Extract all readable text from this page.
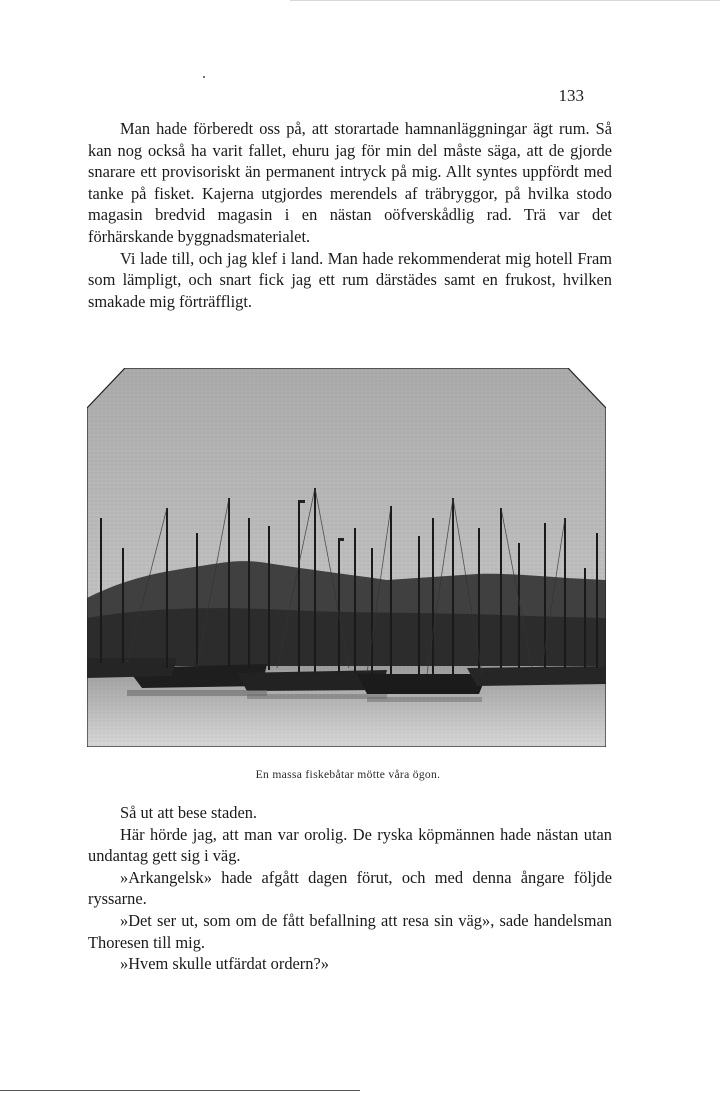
133

Man hade förberedt oss på, att storartade hamnanläggningar ägt rum. Så kan nog också ha varit fallet, ehuru jag för min del måste säga, att de gjorde snarare ett provisoriskt än permanent intryck på mig. Allt syntes uppfördt med tanke på fisket. Kajerna utgjordes merendels af träbryggor, på hvilka stodo magasin bredvid magasin i en nästan oöfverskådlig rad. Trä var det förhärskande byggnadsmaterialet.

Vi lade till, och jag klef i land. Man hade rekommenderat mig hotell Fram som lämpligt, och snart fick jag ett rum därstädes samt en frukost, hvilken smakade mig förträffligt.

En massa fiskebåtar mötte våra ögon.

Så ut att bese staden.

Här hörde jag, att man var orolig. De ryska köpmännen hade nästan utan undantag gett sig i väg.

»Arkangelsk» hade afgått dagen förut, och med denna ångare följde ryssarne.

»Det ser ut, som om de fått befallning att resa sin väg», sade handelsman Thoresen till mig.

»Hvem skulle utfärdat ordern?»
